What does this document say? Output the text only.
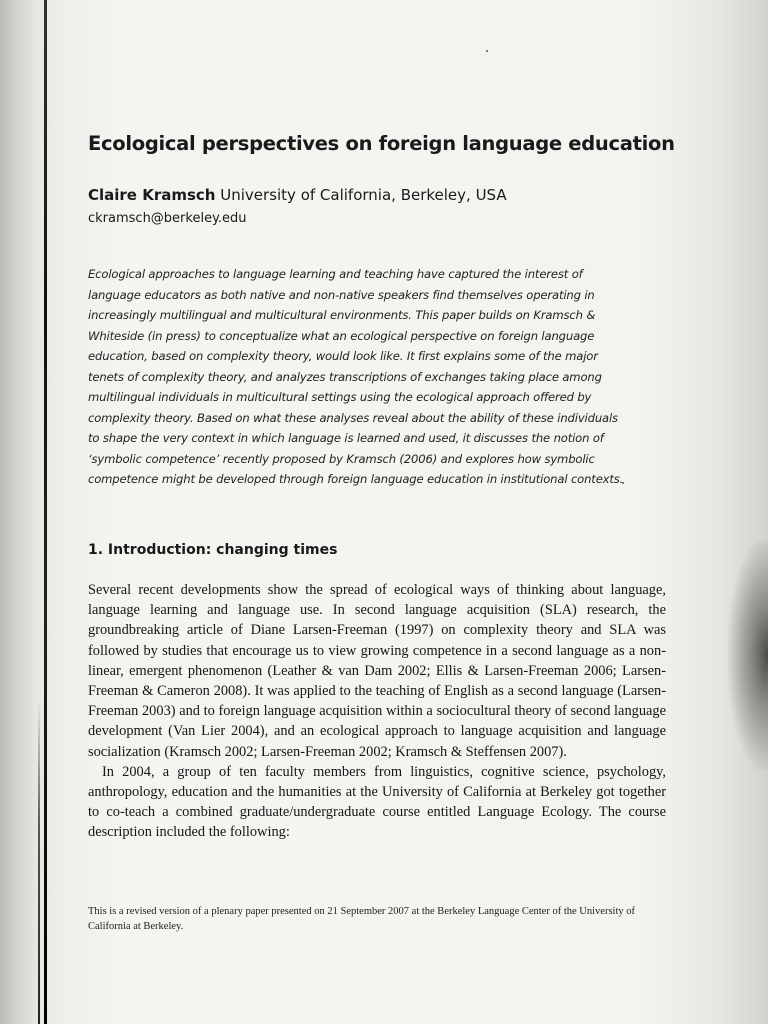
Ecological perspectives on foreign language education
Claire Kramsch University of California, Berkeley, USA
ckramsch@berkeley.edu
Ecological approaches to language learning and teaching have captured the interest of language educators as both native and non-native speakers find themselves operating in increasingly multilingual and multicultural environments. This paper builds on Kramsch & Whiteside (in press) to conceptualize what an ecological perspective on foreign language education, based on complexity theory, would look like. It first explains some of the major tenets of complexity theory, and analyzes transcriptions of exchanges taking place among multilingual individuals in multicultural settings using the ecological approach offered by complexity theory. Based on what these analyses reveal about the ability of these individuals to shape the very context in which language is learned and used, it discusses the notion of ‘symbolic competence’ recently proposed by Kramsch (2006) and explores how symbolic competence might be developed through foreign language education in institutional contexts.
1. Introduction: changing times

Several recent developments show the spread of ecological ways of thinking about language, language learning and language use. In second language acquisition (SLA) research, the groundbreaking article of Diane Larsen-Freeman (1997) on complexity theory and SLA was followed by studies that encourage us to view growing competence in a second language as a non-linear, emergent phenomenon (Leather & van Dam 2002; Ellis & Larsen-Freeman 2006; Larsen-Freeman & Cameron 2008). It was applied to the teaching of English as a second language (Larsen-Freeman 2003) and to foreign language acquisition within a sociocultural theory of second language development (Van Lier 2004), and an ecological approach to language acquisition and language socialization (Kramsch 2002; Larsen-Freeman 2002; Kramsch & Steffensen 2007).

In 2004, a group of ten faculty members from linguistics, cognitive science, psychology, anthropology, education and the humanities at the University of California at Berkeley got together to co-teach a combined graduate/undergraduate course entitled Language Ecology. The course description included the following:

This is a revised version of a plenary paper presented on 21 September 2007 at the Berkeley Language Center of the University of California at Berkeley.
